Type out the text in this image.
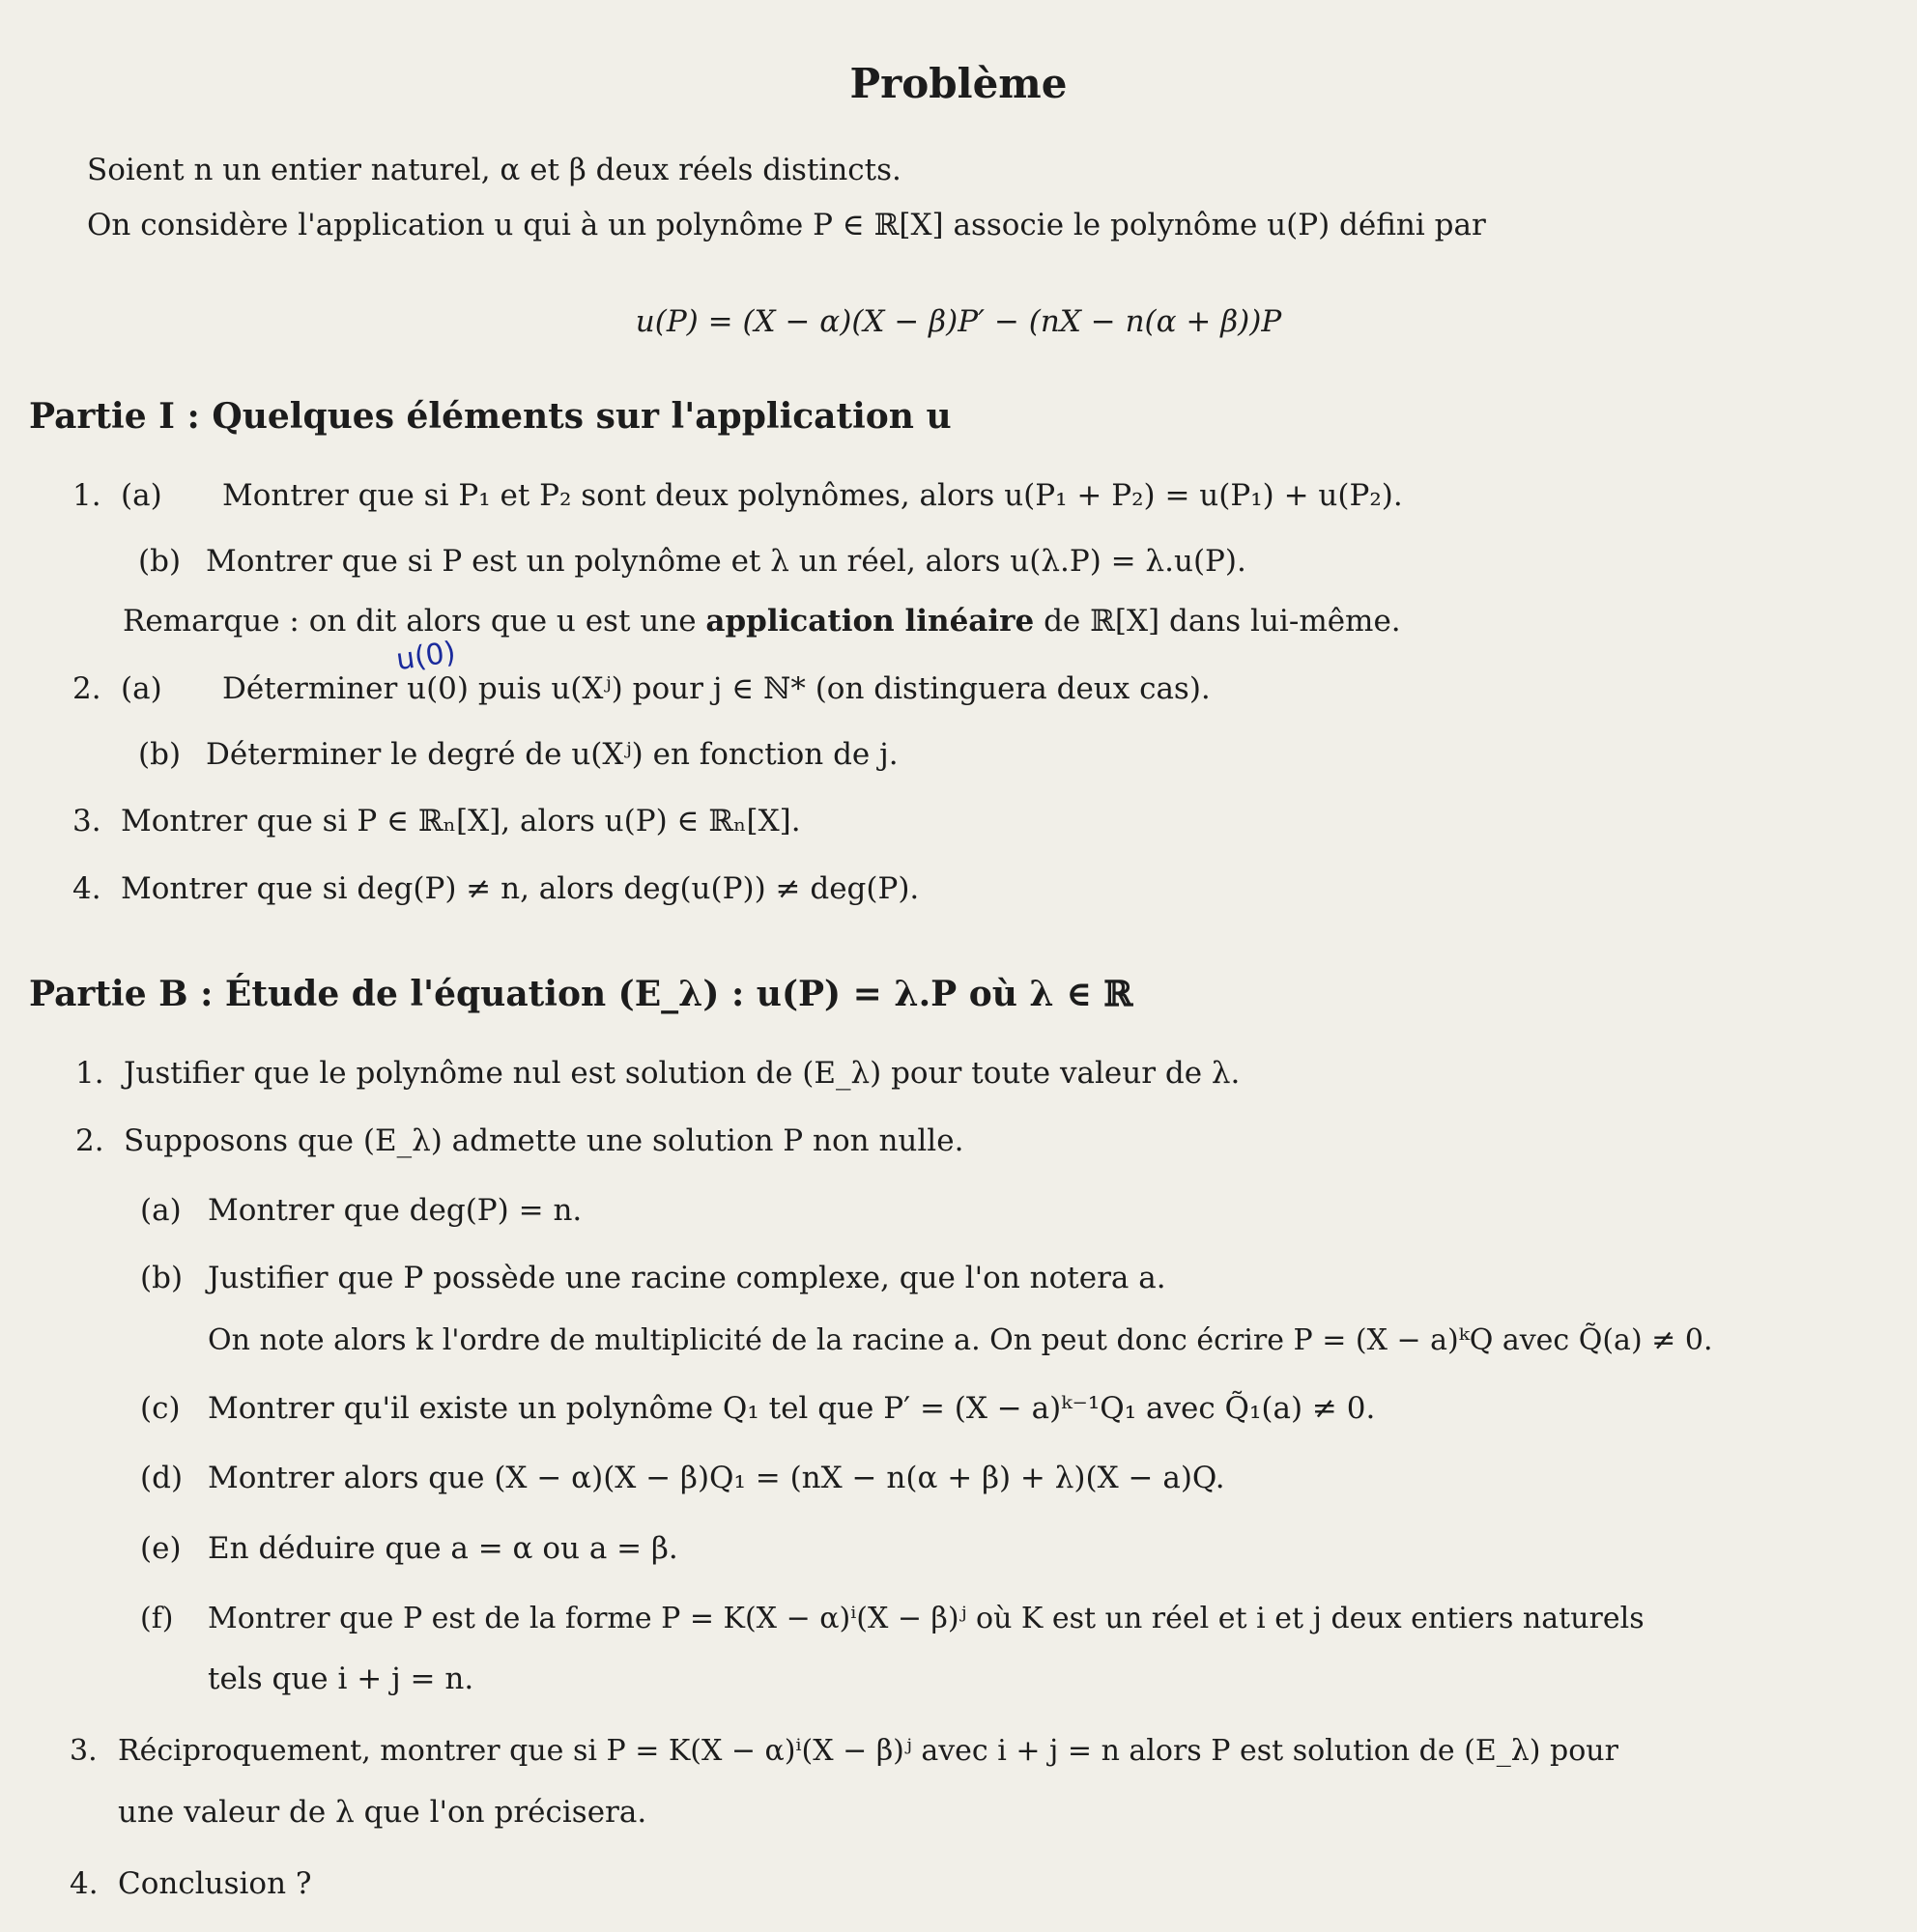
Problème
Soient n un entier naturel, α et β deux réels distincts.
On considère l'application u qui à un polynôme P ∈ ℝ[X] associe le polynôme u(P) défini par
u(P) = (X − α)(X − β)P′ − (nX − n(α + β))P
Partie I : Quelques éléments sur l'application u
1. (a) Montrer que si P₁ et P₂ sont deux polynômes, alors u(P₁ + P₂) = u(P₁) + u(P₂).
(b) Montrer que si P est un polynôme et λ un réel, alors u(λ.P) = λ.u(P).
Remarque : on dit alors que u est une application linéaire de ℝ[X] dans lui-même.
u(0)
2. (a) Déterminer u(0) puis u(Xʲ) pour j ∈ ℕ* (on distinguera deux cas).
(b) Déterminer le degré de u(Xʲ) en fonction de j.
3. Montrer que si P ∈ ℝₙ[X], alors u(P) ∈ ℝₙ[X].
4. Montrer que si deg(P) ≠ n, alors deg(u(P)) ≠ deg(P).
Partie B : Étude de l'équation (E_λ) : u(P) = λ.P où λ ∈ ℝ
1. Justifier que le polynôme nul est solution de (E_λ) pour toute valeur de λ.
2. Supposons que (E_λ) admette une solution P non nulle.
(a) Montrer que deg(P) = n.
(b) Justifier que P possède une racine complexe, que l'on notera a.
On note alors k l'ordre de multiplicité de la racine a. On peut donc écrire P = (X − a)ᵏQ avec Q̃(a) ≠ 0.
(c) Montrer qu'il existe un polynôme Q₁ tel que P′ = (X − a)ᵏ⁻¹Q₁ avec Q̃₁(a) ≠ 0.
(d) Montrer alors que (X − α)(X − β)Q₁ = (nX − n(α + β) + λ)(X − a)Q.
(e) En déduire que a = α ou a = β.
(f) Montrer que P est de la forme P = K(X − α)ⁱ(X − β)ʲ où K est un réel et i et j deux entiers naturels
tels que i + j = n.
3. Réciproquement, montrer que si P = K(X − α)ⁱ(X − β)ʲ avec i + j = n alors P est solution de (E_λ) pour
une valeur de λ que l'on précisera.
4. Conclusion ?
